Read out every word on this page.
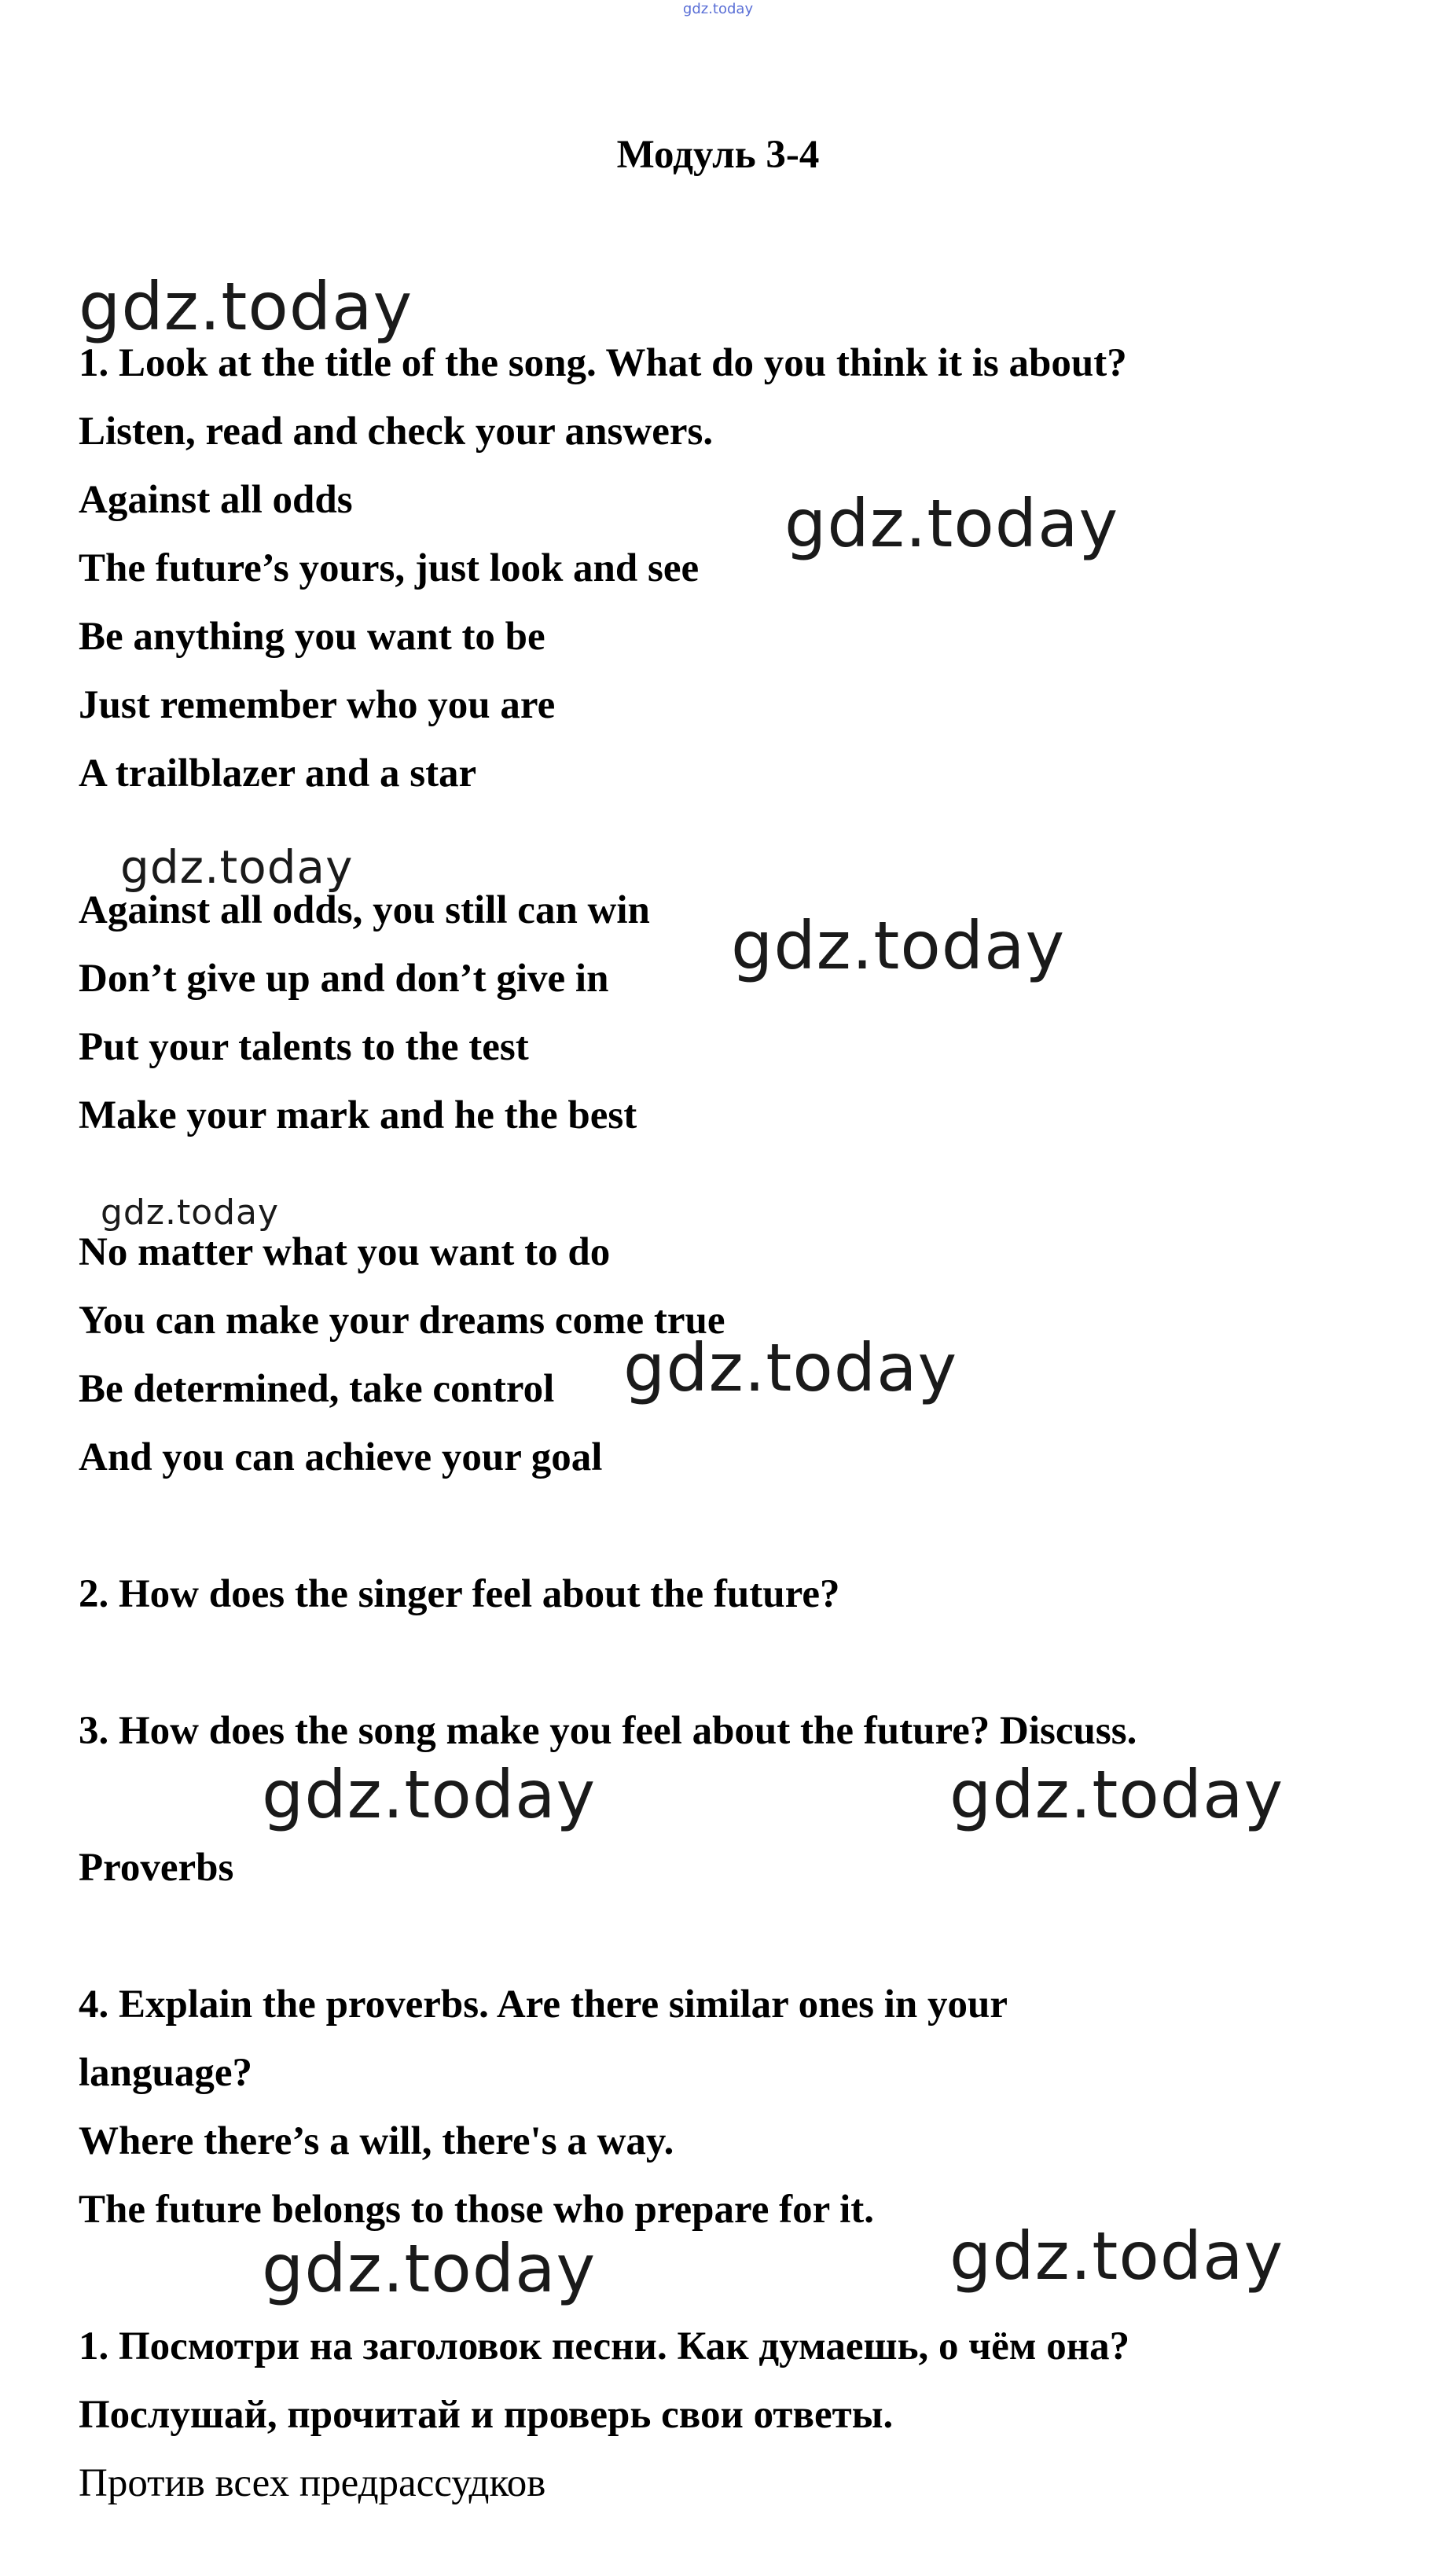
gdz.today
Модуль 3-4
1. Look at the title of the song. What do you think it is about?
Listen, read and check your answers.
Against all odds
The future’s yours, just look and see
Be anything you want to be
Just remember who you are
A trailblazer and a star
Against all odds, you still can win
Don’t give up and don’t give in
Put your talents to the test
Make your mark and he the best
No matter what you want to do
You can make your dreams come true
Be determined, take control
And you can achieve your goal
2. How does the singer feel about the future?
3. How does the song make you feel about the future? Discuss.
Proverbs
4. Explain the proverbs. Are there similar ones in your
language?
Where there’s a will, there's a way.
The future belongs to those who prepare for it.
1. Посмотри на заголовок песни. Как думаешь, о чём она?
Послушай, прочитай и проверь свои ответы.
Против всех предрассудков
gdz.today
gdz.today
gdz.today
gdz.today
gdz.today
gdz.today
gdz.today	gdz.today
gdz.today	gdz.today
